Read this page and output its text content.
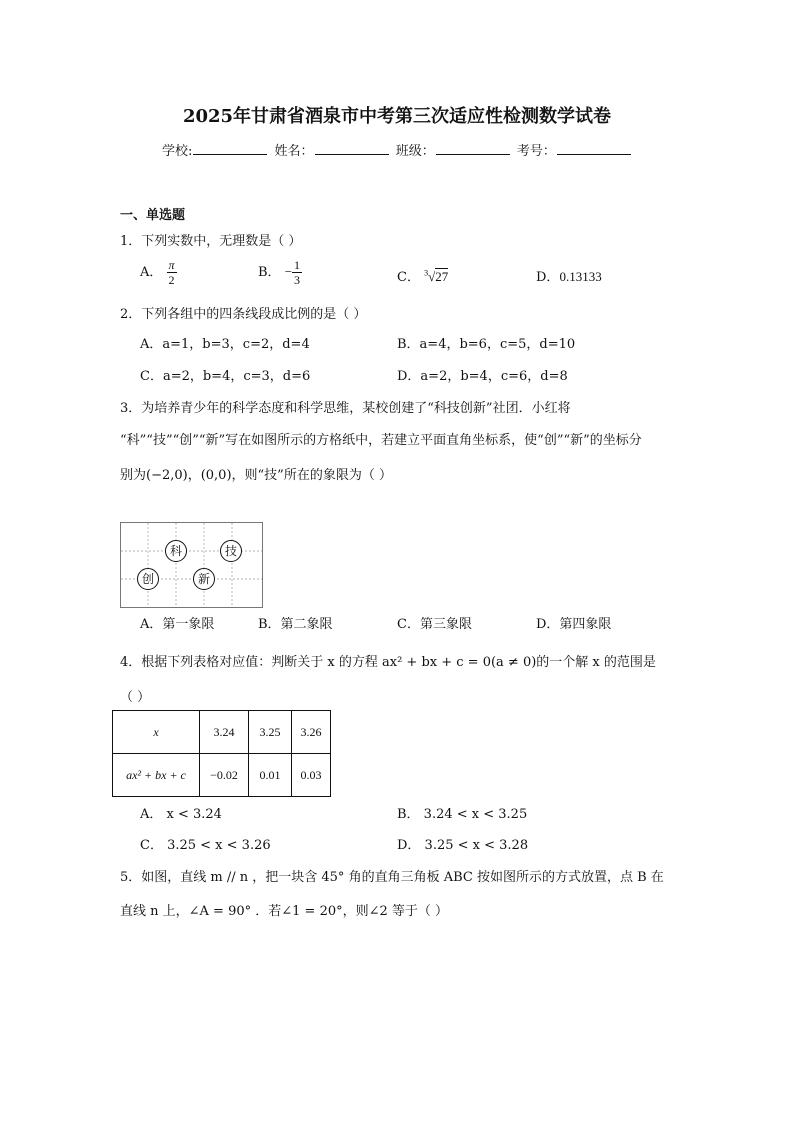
2025年甘肃省酒泉市中考第三次适应性检测数学试卷
学校:	姓名：	班级：	考号：
一、单选题
1．下列实数中，无理数是（ ）
A． $\frac{\pi}{2}$	B． − $\frac{1}{3}$	C． $^3$√27	D．0.13133
2．下列各组中的四条线段成比例的是（ ）
A．a=1，b=3，c=2，d=4	B．a=4，b=6，c=5，d=10
C．a=2，b=4，c=3，d=6	D．a=2，b=4，c=6，d=8
3．为培养青少年的科学态度和科学思维，某校创建了“科技创新”社团．小红将
“科”“技”“创”“新”写在如图所示的方格纸中，若建立平面直角坐标系，使“创”“新”的坐标分
别为(−2,0)，(0,0)，则“技”所在的象限为（ ）
科	技
创	新
A．第一象限	B．第二象限	C．第三象限	D．第四象限
4．根据下列表格对应值：判断关于 x 的方程 ax² + bx + c = 0(a ≠ 0)的一个解 x 的范围是
（ ）
x	3.24	3.25	3.26
ax² + bx + c	−0.02	0.01	0.03
A． x < 3.24	B． 3.24 < x < 3.25
C． 3.25 < x < 3.26	D． 3.25 < x < 3.28
5．如图，直线 m // n ，把一块含 45° 角的直角三角板 ABC 按如图所示的方式放置，点 B 在
直线 n 上，∠A = 90° ．若∠1 = 20°，则∠2 等于（ ）
